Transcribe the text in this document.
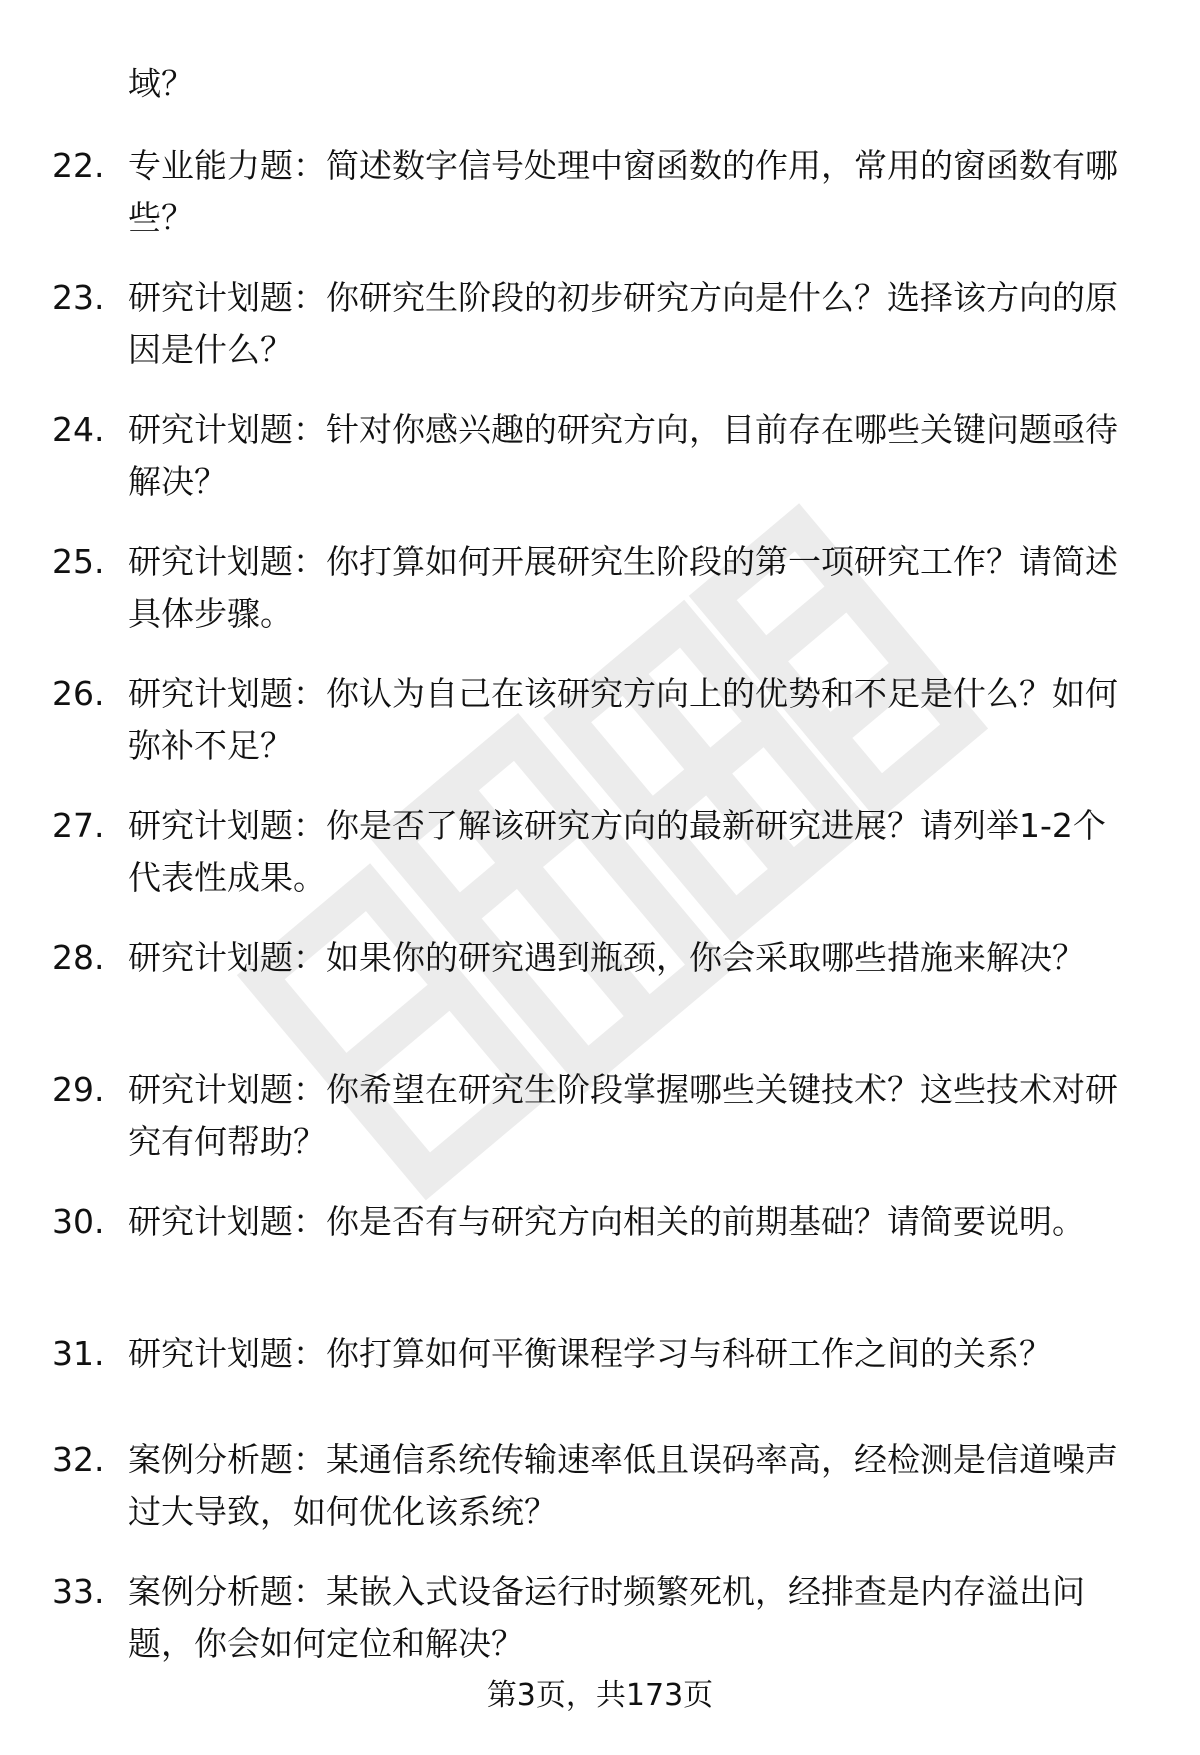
域？
22. 专业能力题：简述数字信号处理中窗函数的作用，常用的窗函数有哪些？
23. 研究计划题：你研究生阶段的初步研究方向是什么？选择该方向的原因是什么？
24. 研究计划题：针对你感兴趣的研究方向，目前存在哪些关键问题亟待解决？
25. 研究计划题：你打算如何开展研究生阶段的第一项研究工作？请简述具体步骤。
26. 研究计划题：你认为自己在该研究方向上的优势和不足是什么？如何弥补不足？
27. 研究计划题：你是否了解该研究方向的最新研究进展？请列举1-2个代表性成果。
28. 研究计划题：如果你的研究遇到瓶颈，你会采取哪些措施来解决？
29. 研究计划题：你希望在研究生阶段掌握哪些关键技术？这些技术对研究有何帮助？
30. 研究计划题：你是否有与研究方向相关的前期基础？请简要说明。
31. 研究计划题：你打算如何平衡课程学习与科研工作之间的关系？
32. 案例分析题：某通信系统传输速率低且误码率高，经检测是信道噪声过大导致，如何优化该系统？
33. 案例分析题：某嵌入式设备运行时频繁死机，经排查是内存溢出问题，你会如何定位和解决？
第3页，共173页
